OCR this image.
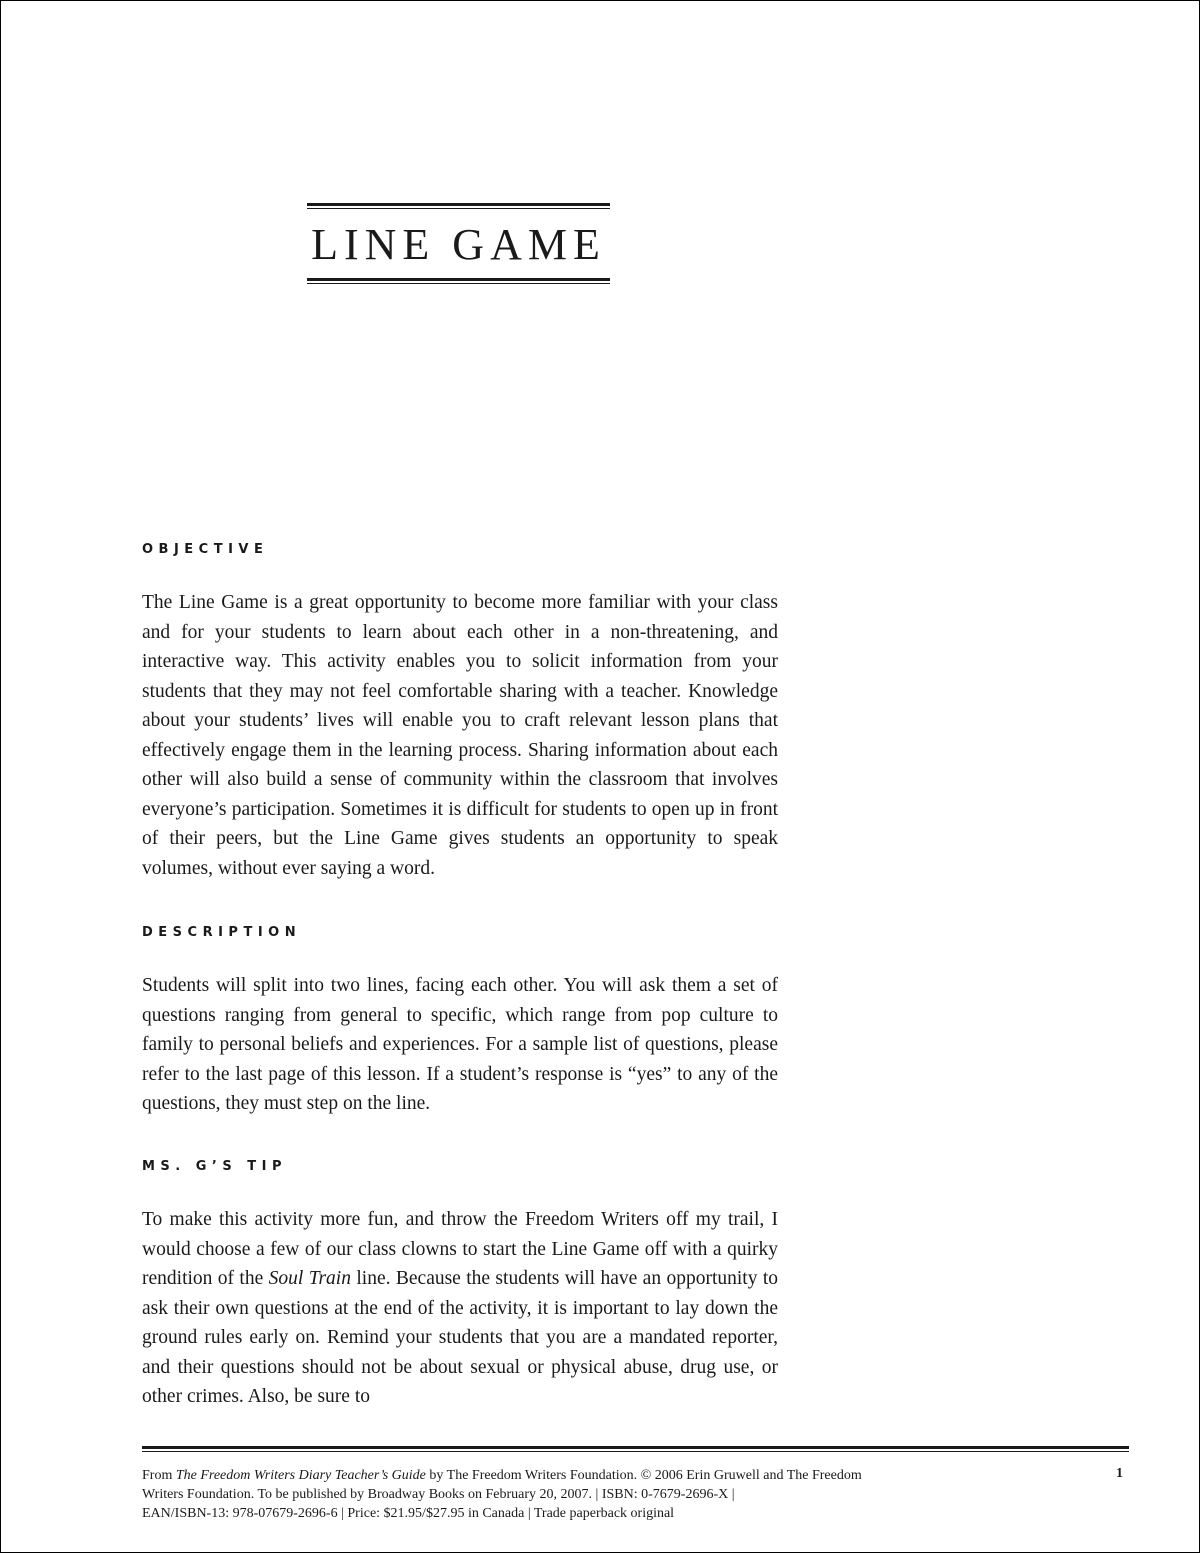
LINE GAME
OBJECTIVE

The Line Game is a great opportunity to become more familiar with your class and for your students to learn about each other in a non-threatening, and interactive way. This activity enables you to solicit information from your students that they may not feel comfortable sharing with a teacher. Knowledge about your students’ lives will enable you to craft relevant lesson plans that effectively engage them in the learning process. Sharing information about each other will also build a sense of community within the classroom that involves everyone’s participation. Sometimes it is difficult for students to open up in front of their peers, but the Line Game gives students an opportunity to speak volumes, without ever saying a word.

DESCRIPTION

Students will split into two lines, facing each other. You will ask them a set of questions ranging from general to specific, which range from pop culture to family to personal beliefs and experiences. For a sample list of questions, please refer to the last page of this lesson. If a student’s response is “yes” to any of the questions, they must step on the line.

MS. G’S TIP

To make this activity more fun, and throw the Freedom Writers off my trail, I would choose a few of our class clowns to start the Line Game off with a quirky rendition of the Soul Train line. Because the students will have an opportunity to ask their own questions at the end of the activity, it is important to lay down the ground rules early on. Remind your students that you are a mandated reporter, and their questions should not be about sexual or physical abuse, drug use, or other crimes. Also, be sure to

From The Freedom Writers Diary Teacher’s Guide by The Freedom Writers Foundation. © 2006 Erin Gruwell and The Freedom
Writers Foundation. To be published by Broadway Books on February 20, 2007. | ISBN: 0-7679-2696-X |
EAN/ISBN-13: 978-07679-2696-6 | Price: $21.95/$27.95 in Canada | Trade paperback original
1
